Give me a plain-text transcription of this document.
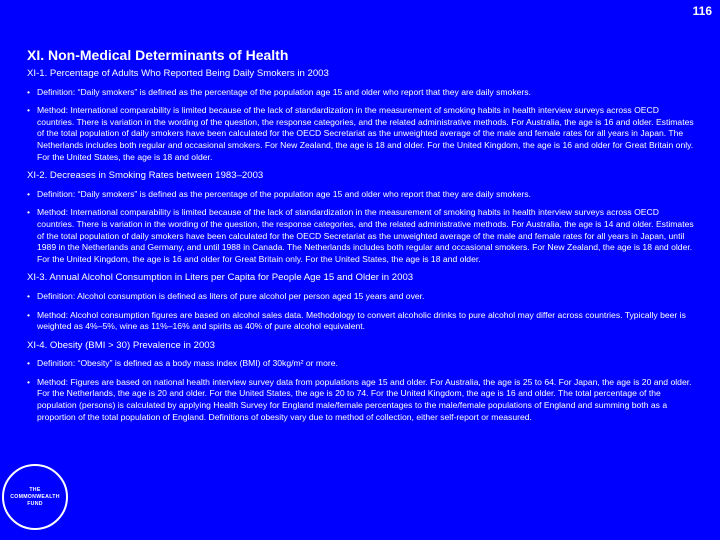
116
XI. Non-Medical Determinants of Health

XI-1. Percentage of Adults Who Reported Being Daily Smokers in 2003

• Definition: “Daily smokers” is defined as the percentage of the population age 15 and older who report that they are daily smokers.

• Method: International comparability is limited because of the lack of standardization in the measurement of smoking habits in health interview surveys across OECD countries. There is variation in the wording of the question, the response categories, and the related administrative methods. For Australia, the age is 16 and older. Estimates of the total population of daily smokers have been calculated for the OECD Secretariat as the unweighted average of the male and female rates for all years in Japan. The Netherlands includes both regular and occasional smokers. For New Zealand, the age is 18 and older. For the United Kingdom, the age is 16 and older for Great Britain only. For the United States, the age is 18 and older.

XI-2. Decreases in Smoking Rates between 1983–2003

• Definition: “Daily smokers” is defined as the percentage of the population age 15 and older who report that they are daily smokers.

• Method: International comparability is limited because of the lack of standardization in the measurement of smoking habits in health interview surveys across OECD countries. There is variation in the wording of the question, the response categories, and the related administrative methods. For Australia, the age is 14 and older. Estimates of the total population of daily smokers have been calculated for the OECD Secretariat as the unweighted average of the male and female rates for all years in Japan, until 1989 in the Netherlands and Germany, and until 1988 in Canada. The Netherlands includes both regular and occasional smokers. For New Zealand, the age is 18 and older. For the United Kingdom, the age is 16 and older for Great Britain only. For the United States, the age is 18 and older.

XI-3. Annual Alcohol Consumption in Liters per Capita for People Age 15 and Older in 2003

• Definition: Alcohol consumption is defined as liters of pure alcohol per person aged 15 years and over.

• Method: Alcohol consumption figures are based on alcohol sales data. Methodology to convert alcoholic drinks to pure alcohol may differ across countries. Typically beer is weighted as 4%–5%, wine as 11%–16% and spirits as 40% of pure alcohol equivalent.

XI-4. Obesity (BMI > 30) Prevalence in 2003

• Definition: “Obesity” is defined as a body mass index (BMI) of 30kg/m² or more.

• Method: Figures are based on national health interview survey data from populations age 15 and older. For Australia, the age is 25 to 64. For Japan, the age is 20 and older. For the Netherlands, the age is 20 and older. For the United States, the age is 20 to 74. For the United Kingdom, the age is 16 and older. The total percentage of the population (persons) is calculated by applying Health Survey for England male/female percentages to the male/female populations of England and summing both as a proportion of the total population of England. Definitions of obesity vary due to method of collection, either self-report or measured.

THE
COMMONWEALTH
FUND
